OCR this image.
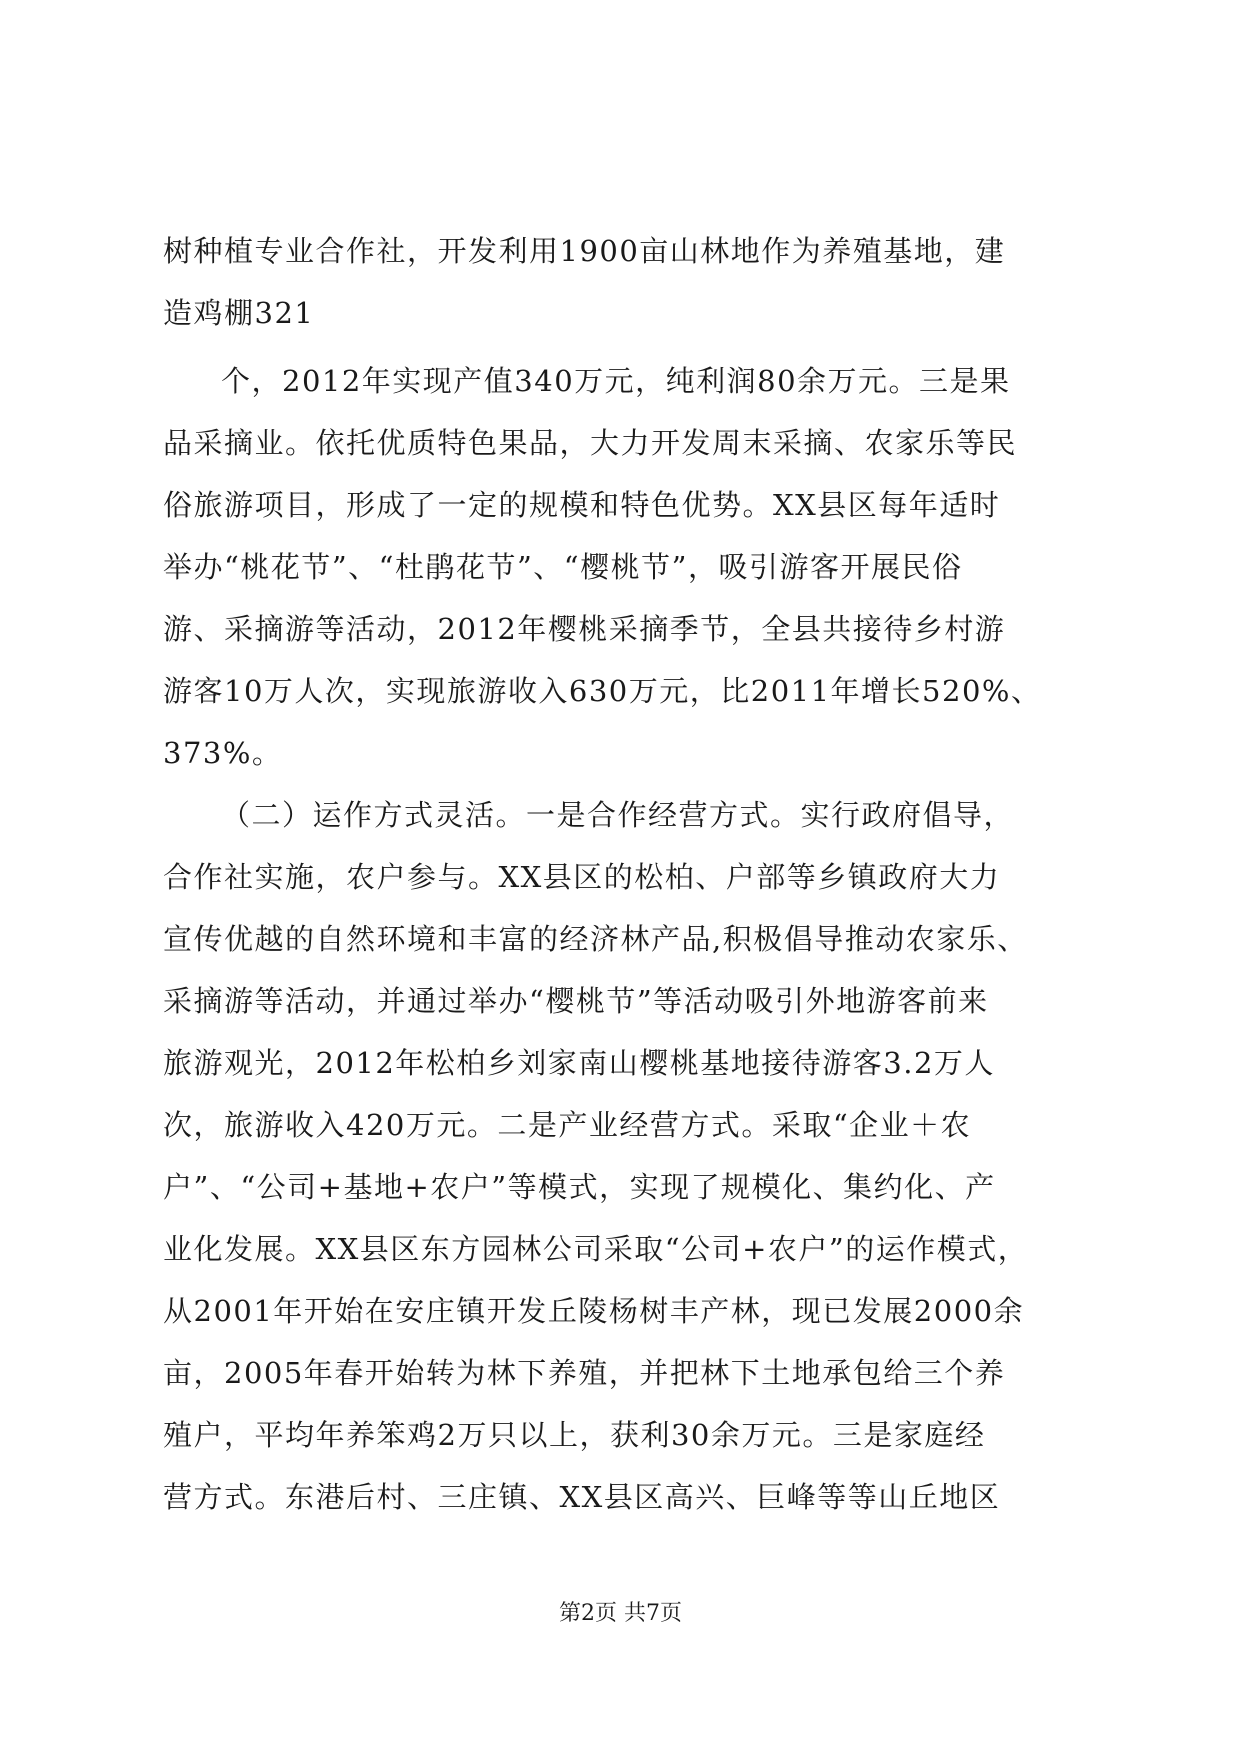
树种植专业合作社，开发利用1900亩山林地作为养殖基地，建
造鸡棚321
个，2012年实现产值340万元，纯利润80余万元。三是果
品采摘业。依托优质特色果品，大力开发周末采摘、农家乐等民
俗旅游项目，形成了一定的规模和特色优势。XX县区每年适时
举办“桃花节”、“杜鹃花节”、“樱桃节”，吸引游客开展民俗
游、采摘游等活动，2012年樱桃采摘季节，全县共接待乡村游
游客10万人次，实现旅游收入630万元，比2011年增长520%、
373%。
（二）运作方式灵活。一是合作经营方式。实行政府倡导，
合作社实施，农户参与。XX县区的松柏、户部等乡镇政府大力
宣传优越的自然环境和丰富的经济林产品,积极倡导推动农家乐、
采摘游等活动，并通过举办“樱桃节”等活动吸引外地游客前来
旅游观光，2012年松柏乡刘家南山樱桃基地接待游客3.2万人
次，旅游收入420万元。二是产业经营方式。采取“企业＋农
户”、“公司+基地+农户”等模式，实现了规模化、集约化、产
业化发展。XX县区东方园林公司采取“公司+农户”的运作模式，
从2001年开始在安庄镇开发丘陵杨树丰产林，现已发展2000余
亩，2005年春开始转为林下养殖，并把林下土地承包给三个养
殖户，平均年养笨鸡2万只以上，获利30余万元。三是家庭经
营方式。东港后村、三庄镇、XX县区高兴、巨峰等等山丘地区
第2页 共7页
